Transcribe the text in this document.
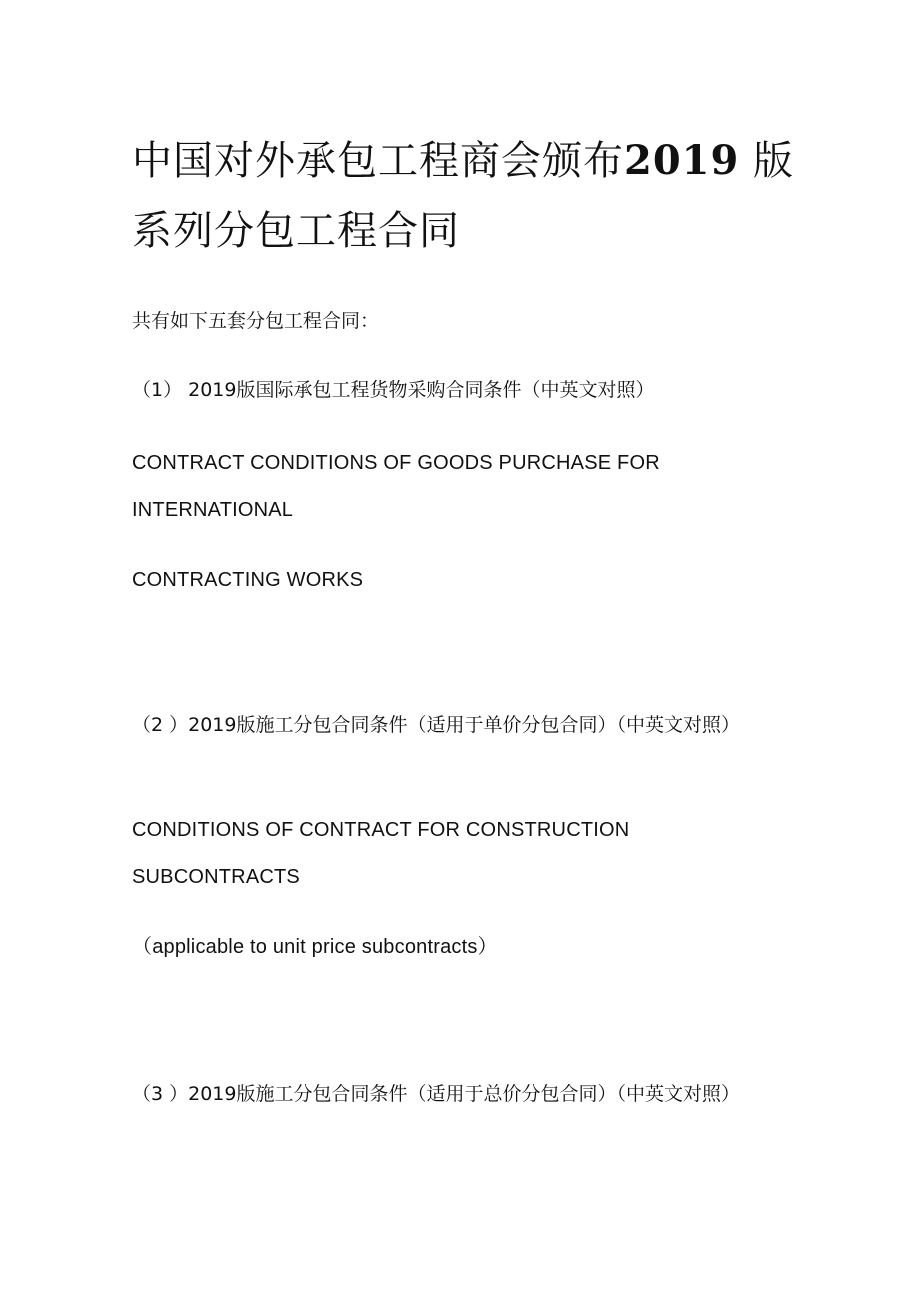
中国对外承包工程商会颁布2019 版系列分包工程合同

共有如下五套分包工程合同：

（1） 2019版国际承包工程货物采购合同条件（中英文对照）

CONTRACT CONDITIONS OF GOODS PURCHASE FOR

INTERNATIONAL

CONTRACTING WORKS

（2 ）2019版施工分包合同条件（适用于单价分包合同）（中英文对照）

CONDITIONS OF CONTRACT FOR CONSTRUCTION

SUBCONTRACTS

（applicable to unit price subcontracts）

（3 ）2019版施工分包合同条件（适用于总价分包合同）（中英文对照）
